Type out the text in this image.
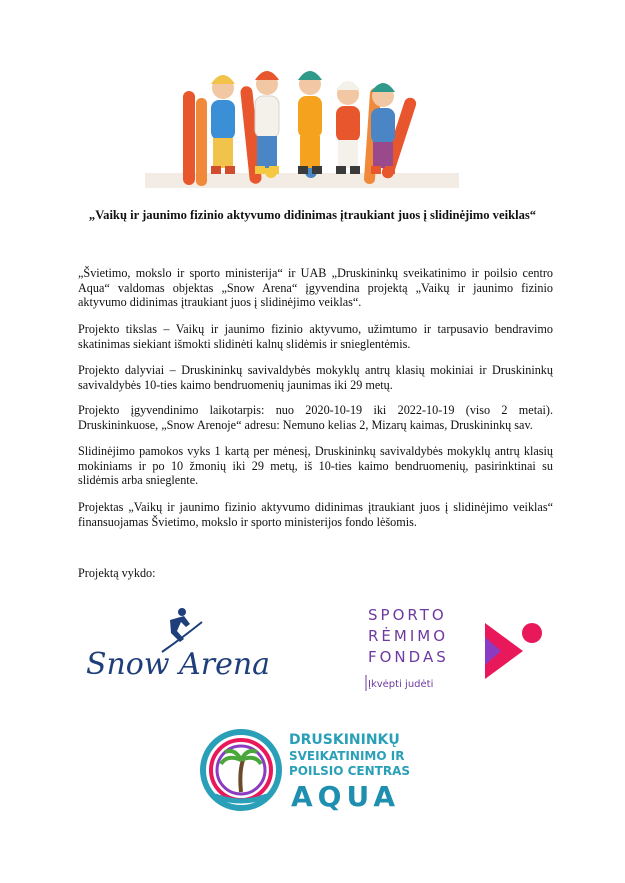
„Vaikų ir jaunimo fizinio aktyvumo didinimas įtraukiant juos į slidinėjimo veiklas“

„Švietimo, mokslo ir sporto ministerija“ ir UAB „Druskininkų sveikatinimo ir poilsio centro Aqua“ valdomas objektas „Snow Arena“ įgyvendina projektą „Vaikų ir jaunimo fizinio aktyvumo didinimas įtraukiant juos į slidinėjimo veiklas“.

Projekto tikslas – Vaikų ir jaunimo fizinio aktyvumo, užimtumo ir tarpusavio bendravimo skatinimas siekiant išmokti slidinėti kalnų slidėmis ir snieglentėmis.

Projekto dalyviai – Druskininkų savivaldybės mokyklų antrų klasių mokiniai ir Druskininkų savivaldybės 10-ties kaimo bendruomenių jaunimas iki 29 metų.

Projekto įgyvendinimo laikotarpis: nuo 2020-10-19 iki 2022-10-19 (viso 2 metai). Druskininkuose, „Snow Arenoje“ adresu: Nemuno kelias 2, Mizarų kaimas, Druskininkų sav.

Slidinėjimo pamokos vyks 1 kartą per mėnesį, Druskininkų savivaldybės mokyklų antrų klasių mokiniams ir po 10 žmonių iki 29 metų, iš 10-ties kaimo bendruomenių, pasirinktinai su slidėmis arba snieglente.

Projektas „Vaikų ir jaunimo fizinio aktyvumo didinimas įtraukiant juos į slidinėjimo veiklas“ finansuojamas Švietimo, mokslo ir sporto ministerijos fondo lėšomis.

Projektą vykdo:
Snow Arena
SPORTO
RĖMIMO
FONDAS
Įkvėpti judėti
DRUSKININKŲ
SVEIKATINIMO IR
POILSIO CENTRAS
AQUA
